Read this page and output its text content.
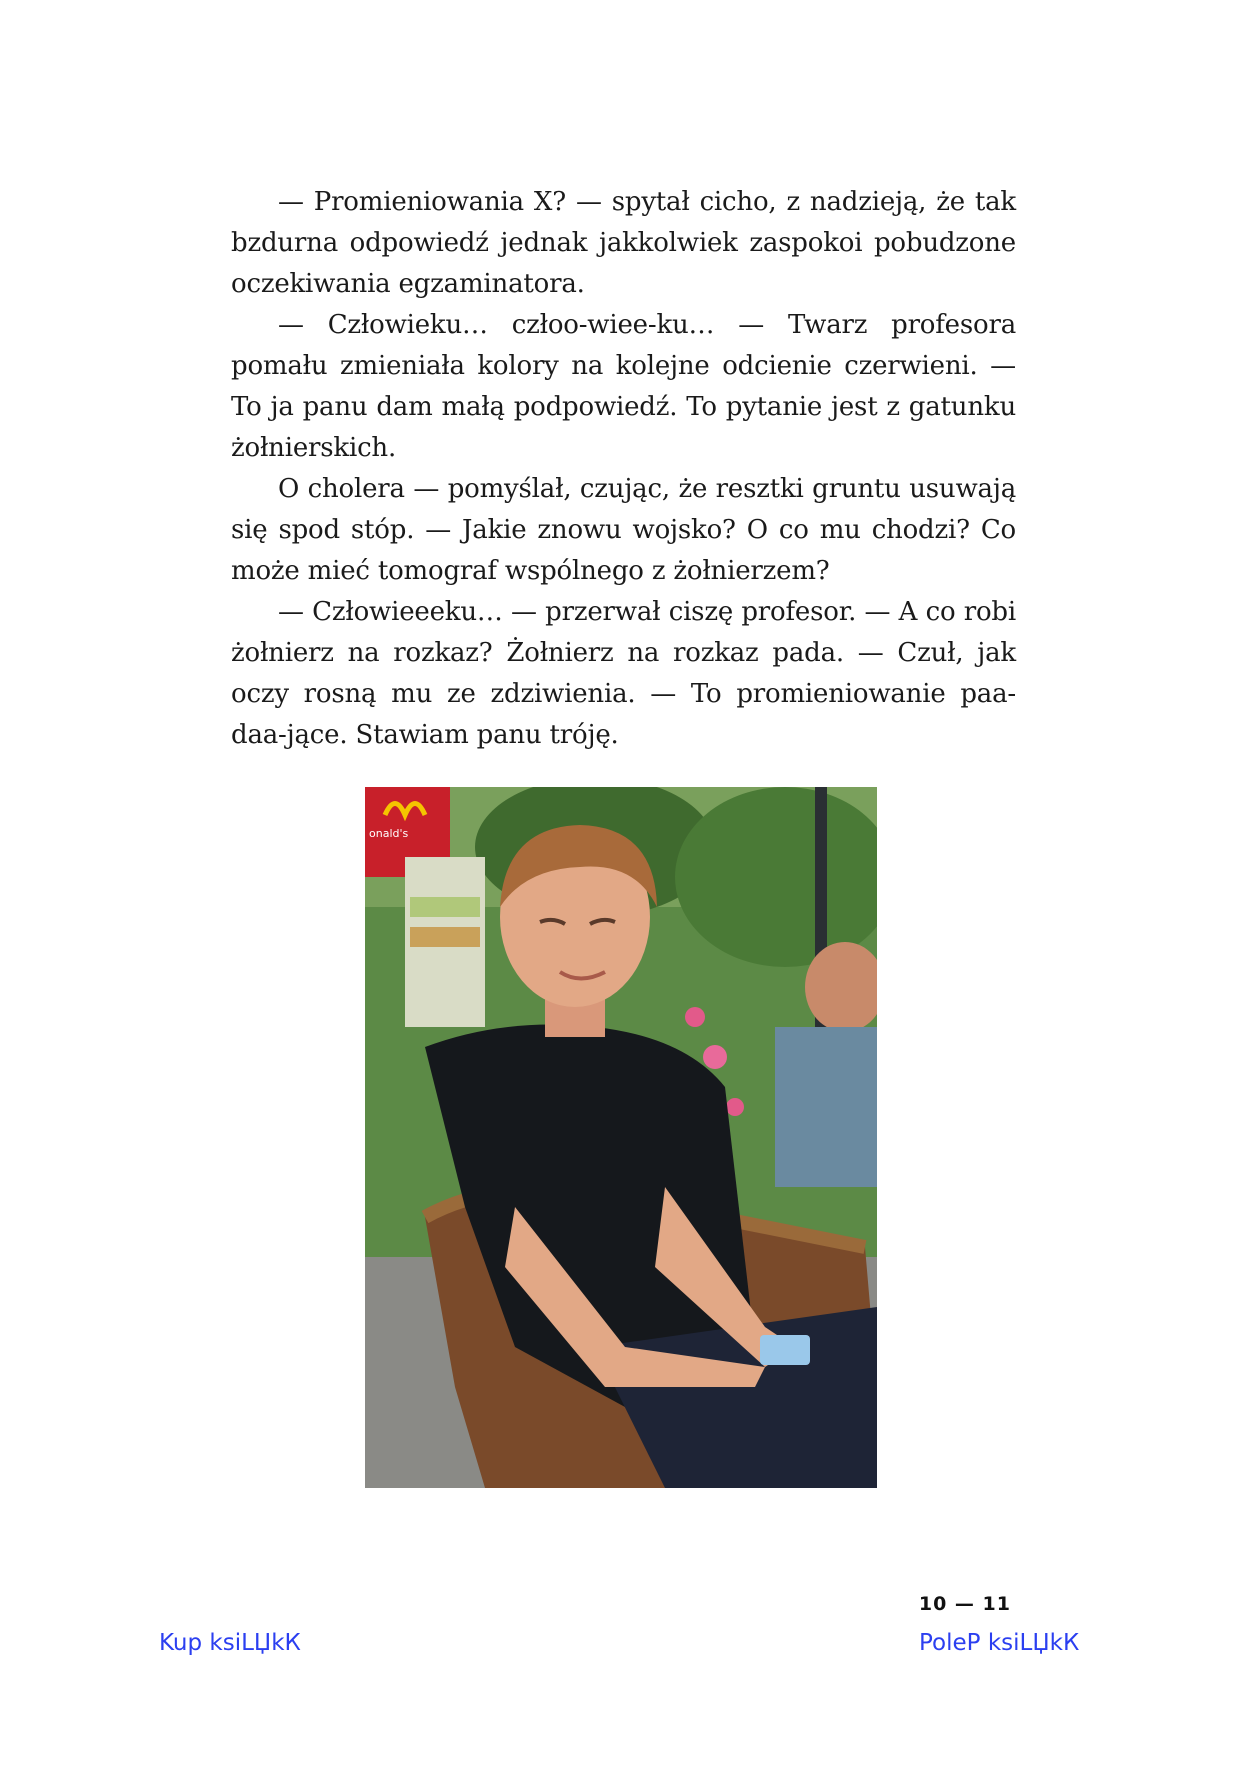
— Promieniowania X? — spytał cicho, z nadzieją, że tak bzdurna odpowiedź jednak jakkolwiek zaspokoi pobudzone oczekiwania egzaminatora.

— Człowieku… człoo-wiee-ku… — Twarz profesora pomału zmieniała kolory na kolejne odcienie czerwieni. — To ja panu dam małą podpowiedź. To pytanie jest z gatunku żołnierskich.

O cholera — pomyślał, czując, że resztki gruntu usuwają się spod stóp. — Jakie znowu wojsko? O co mu chodzi? Co może mieć tomograf wspólnego z żołnierzem?

— Człowieeeku… — przerwał ciszę profesor. — A co robi żołnierz na rozkaz? Żołnierz na rozkaz pada. — Czuł, jak oczy rosną mu ze zdziwienia. — To promieniowanie paa-daa-jące. Stawiam panu tróję.

onald's
10 — 11
Kup ksiLЏkК	PoleР ksiLЏkК
